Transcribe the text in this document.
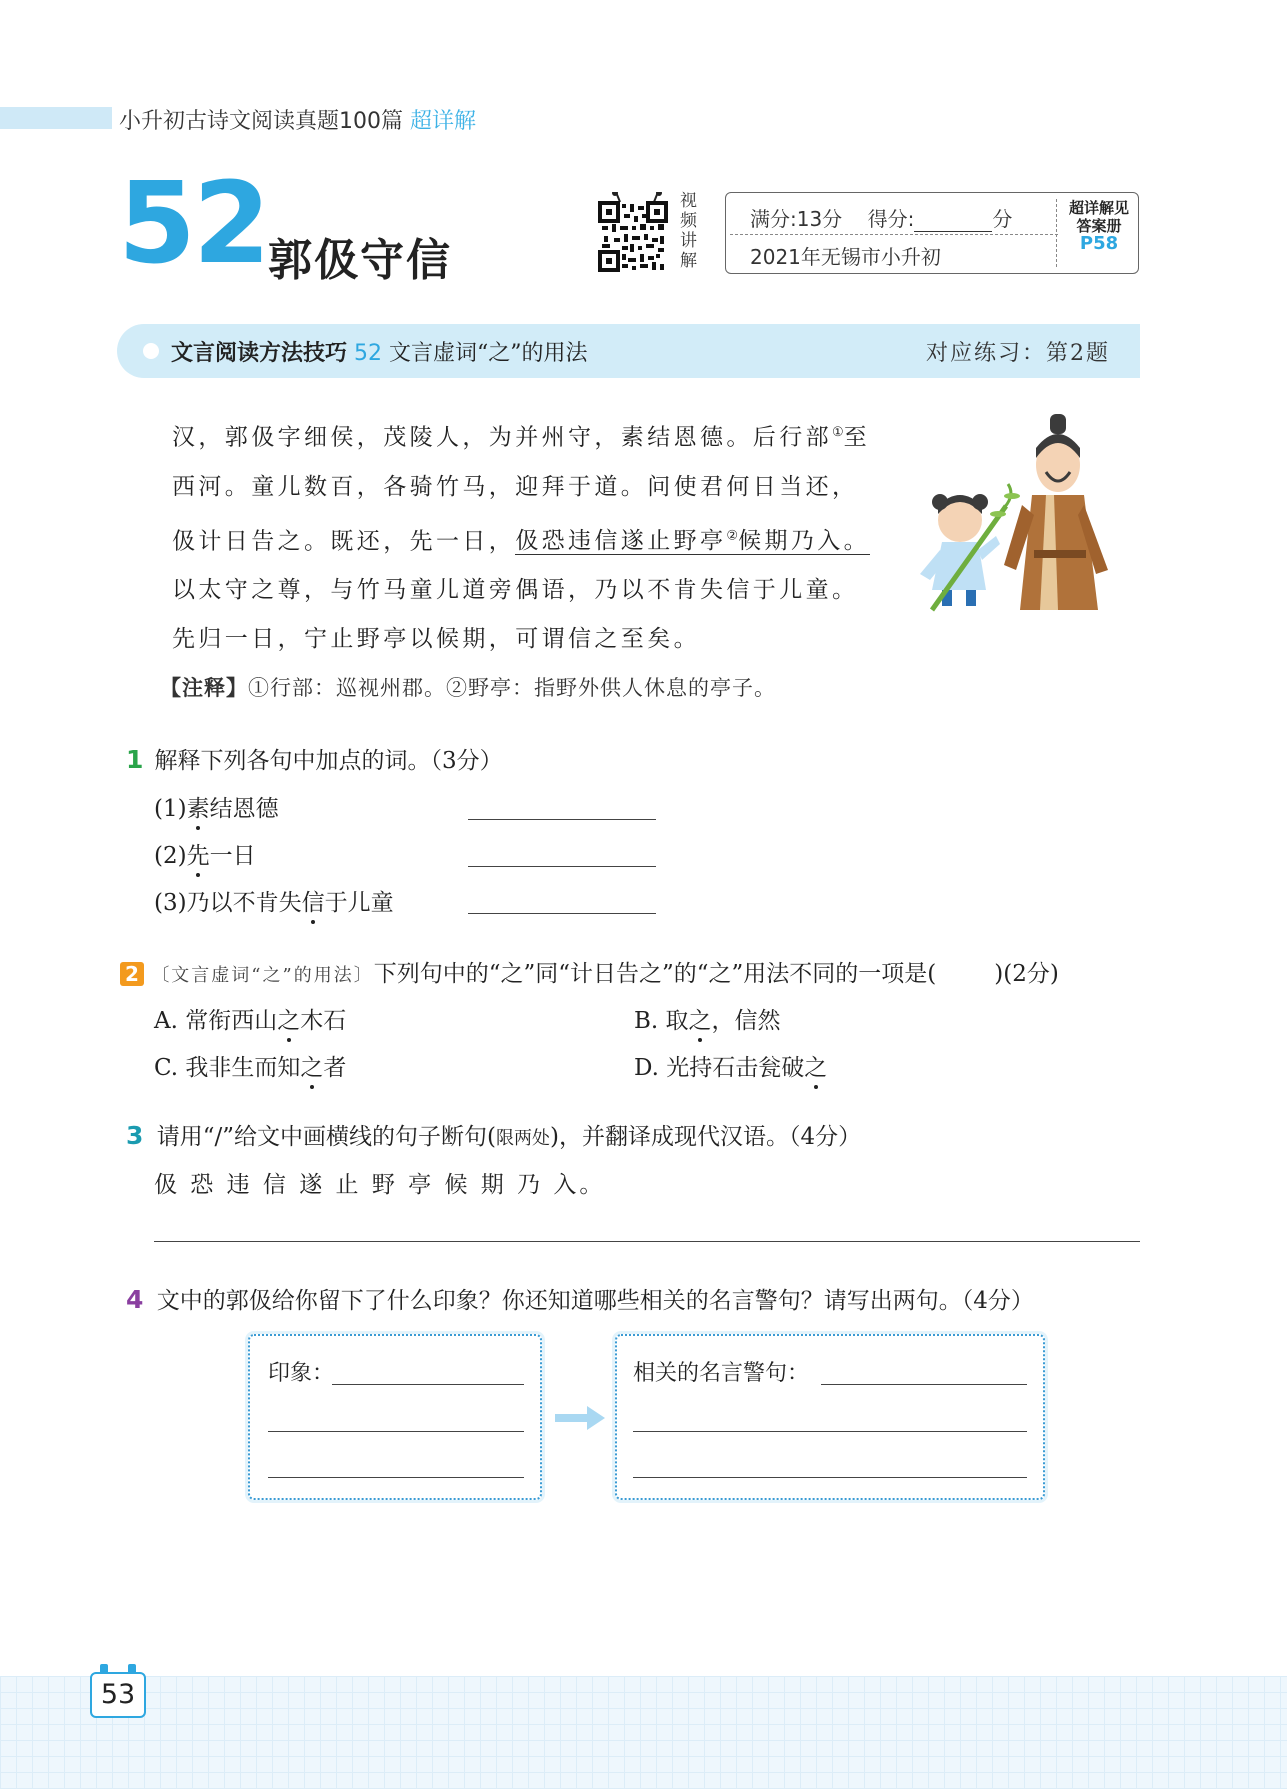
小升初古诗文阅读真题100篇 超详解
52 郭伋守信
视
频
讲
解
满分:13分 得分:	分
2021年无锡市小升初
超详解见
答案册
P58
文言阅读方法技巧 52 文言虚词“之”的用法	对应练习：第2题

汉，郭伋字细侯，茂陵人，为并州守，素结恩德。后行部①至西河。童儿数百，各骑竹马，迎拜于道。问使君何日当还，伋计日告之。既还，先一日，伋恐违信遂止野亭②候期乃入。以太守之尊，与竹马童儿道旁偶语，乃以不肯失信于儿童。先归一日，宁止野亭以候期，可谓信之至矣。

【注释】①行部：巡视州郡。②野亭：指野外供人休息的亭子。
1 解释下列各句中加点的词。（3分）
(1)素结恩德
(2)先一日
(3)乃以不肯失信于儿童
2 〔文言虚词“之”的用法〕下列句中的“之”同“计日告之”的“之”用法不同的一项是(	)(2分)
A. 常衔西山之木石	B. 取之，信然
C. 我非生而知之者	D. 光持石击瓮破之
3 请用“/”给文中画横线的句子断句(限两处)，并翻译成现代汉语。（4分）
伋 恐 违 信 遂 止 野 亭 候 期 乃 入。
4 文中的郭伋给你留下了什么印象？你还知道哪些相关的名言警句？请写出两句。（4分）
印象：	相关的名言警句：
53
